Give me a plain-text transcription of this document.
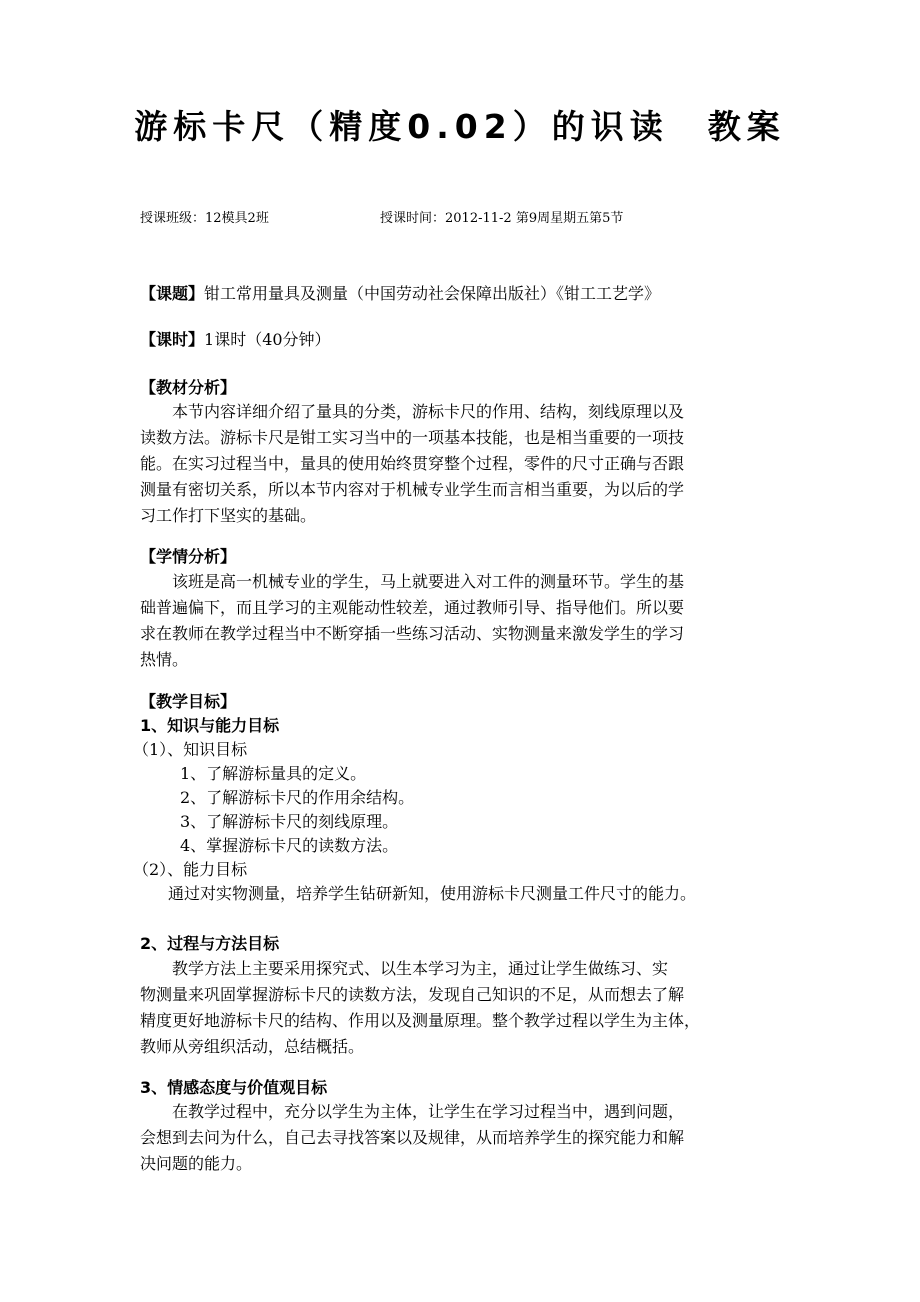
游标卡尺（精度0.02）的识读　教案
授课班级：12模具2班	授课时间：2012-11-2 第9周星期五第5节
【课题】钳工常用量具及测量（中国劳动社会保障出版社）《钳工工艺学》
【课时】1课时（40分钟）
【教材分析】
　　本节内容详细介绍了量具的分类，游标卡尺的作用、结构，刻线原理以及
读数方法。游标卡尺是钳工实习当中的一项基本技能，也是相当重要的一项技
能。在实习过程当中，量具的使用始终贯穿整个过程，零件的尺寸正确与否跟
测量有密切关系，所以本节内容对于机械专业学生而言相当重要，为以后的学
习工作打下坚实的基础。
【学情分析】
　　该班是高一机械专业的学生，马上就要进入对工件的测量环节。学生的基
础普遍偏下，而且学习的主观能动性较差，通过教师引导、指导他们。所以要
求在教师在教学过程当中不断穿插一些练习活动、实物测量来激发学生的学习
热情。
【教学目标】
1、知识与能力目标
（1）、知识目标
1、了解游标量具的定义。
2、了解游标卡尺的作用余结构。
3、了解游标卡尺的刻线原理。
4、掌握游标卡尺的读数方法。
（2）、能力目标
通过对实物测量，培养学生钻研新知，使用游标卡尺测量工件尺寸的能力。
2、过程与方法目标
　　教学方法上主要采用探究式、以生本学习为主，通过让学生做练习、实
物测量来巩固掌握游标卡尺的读数方法，发现自己知识的不足，从而想去了解
精度更好地游标卡尺的结构、作用以及测量原理。整个教学过程以学生为主体，
教师从旁组织活动，总结概括。
3、情感态度与价值观目标
　　在教学过程中，充分以学生为主体，让学生在学习过程当中，遇到问题，
会想到去问为什么，自己去寻找答案以及规律，从而培养学生的探究能力和解
决问题的能力。
